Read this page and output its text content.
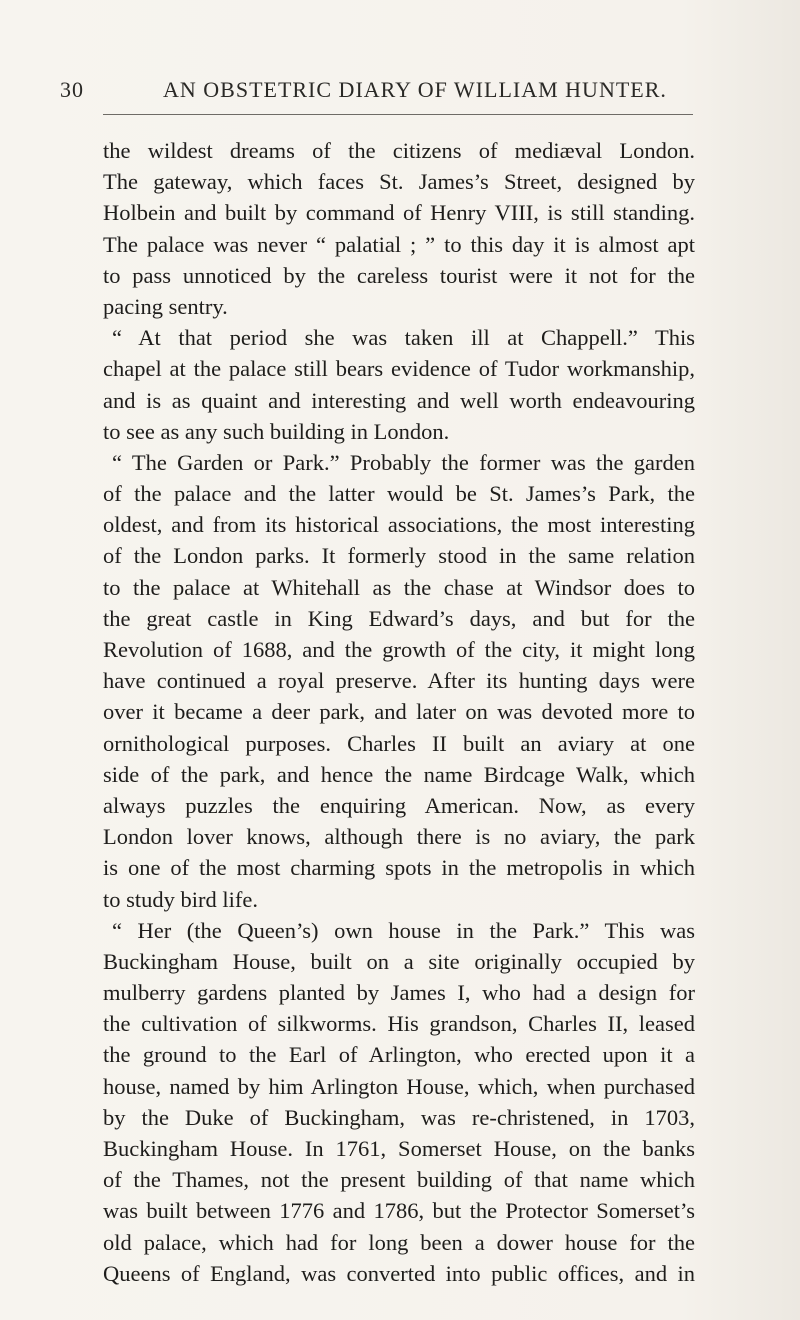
30	AN OBSTETRIC DIARY OF WILLIAM HUNTER.
the wildest dreams of the citizens of mediæval London.
The gateway, which faces St. James’s Street, designed by
Holbein and built by command of Henry VIII, is still standing.
The palace was never “ palatial ; ” to this day it is almost apt
to pass unnoticed by the careless tourist were it not for the
pacing sentry.
“ At that period she was taken ill at Chappell.” This
chapel at the palace still bears evidence of Tudor workmanship,
and is as quaint and interesting and well worth endeavouring
to see as any such building in London.
“ The Garden or Park.” Probably the former was the garden
of the palace and the latter would be St. James’s Park, the
oldest, and from its historical associations, the most interesting
of the London parks. It formerly stood in the same relation
to the palace at Whitehall as the chase at Windsor does to
the great castle in King Edward’s days, and but for the
Revolution of 1688, and the growth of the city, it might long
have continued a royal preserve. After its hunting days were
over it became a deer park, and later on was devoted more to
ornithological purposes. Charles II built an aviary at one
side of the park, and hence the name Birdcage Walk, which
always puzzles the enquiring American. Now, as every
London lover knows, although there is no aviary, the park
is one of the most charming spots in the metropolis in which
to study bird life.
“ Her (the Queen’s) own house in the Park.” This was
Buckingham House, built on a site originally occupied by
mulberry gardens planted by James I, who had a design for
the cultivation of silkworms. His grandson, Charles II, leased
the ground to the Earl of Arlington, who erected upon it a
house, named by him Arlington House, which, when purchased
by the Duke of Buckingham, was re-christened, in 1703,
Buckingham House. In 1761, Somerset House, on the banks
of the Thames, not the present building of that name which
was built between 1776 and 1786, but the Protector Somerset’s
old palace, which had for long been a dower house for the
Queens of England, was converted into public offices, and in
